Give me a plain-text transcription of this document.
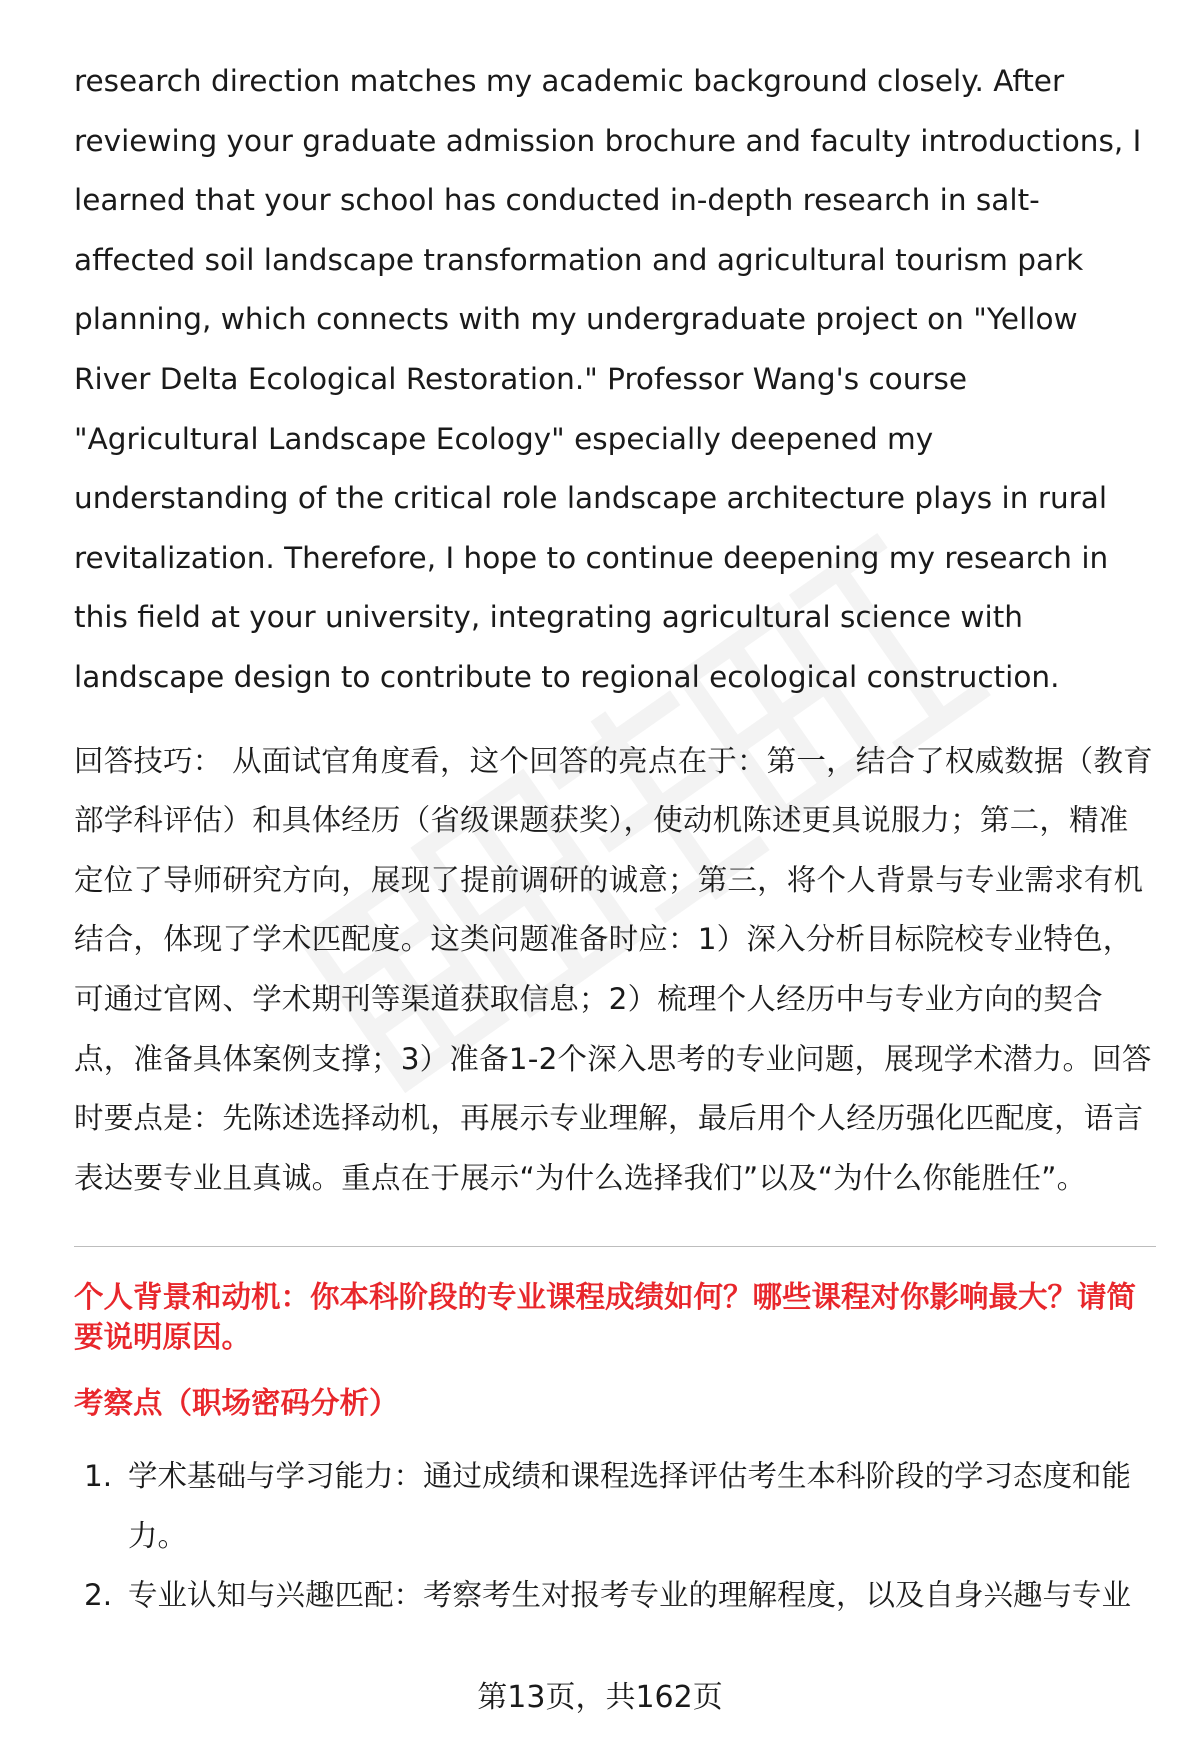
research direction matches my academic background closely. After reviewing your graduate admission brochure and faculty introductions, I learned that your school has conducted in-depth research in salt-affected soil landscape transformation and agricultural tourism park planning, which connects with my undergraduate project on "Yellow River Delta Ecological Restoration." Professor Wang's course "Agricultural Landscape Ecology" especially deepened my understanding of the critical role landscape architecture plays in rural revitalization. Therefore, I hope to continue deepening my research in this field at your university, integrating agricultural science with landscape design to contribute to regional ecological construction.

回答技巧： 从面试官角度看，这个回答的亮点在于：第一，结合了权威数据（教育部学科评估）和具体经历（省级课题获奖），使动机陈述更具说服力；第二，精准定位了导师研究方向，展现了提前调研的诚意；第三，将个人背景与专业需求有机结合，体现了学术匹配度。这类问题准备时应：1）深入分析目标院校专业特色，可通过官网、学术期刊等渠道获取信息；2）梳理个人经历中与专业方向的契合点，准备具体案例支撑；3）准备1-2个深入思考的专业问题，展现学术潜力。回答时要点是：先陈述选择动机，再展示专业理解，最后用个人经历强化匹配度，语言表达要专业且真诚。重点在于展示“为什么选择我们”以及“为什么你能胜任”。

个人背景和动机：你本科阶段的专业课程成绩如何？哪些课程对你影响最大？请简要说明原因。
考察点（职场密码分析）
1. 学术基础与学习能力：通过成绩和课程选择评估考生本科阶段的学习态度和能力。
2. 专业认知与兴趣匹配：考察考生对报考专业的理解程度，以及自身兴趣与专业
第13页，共162页
